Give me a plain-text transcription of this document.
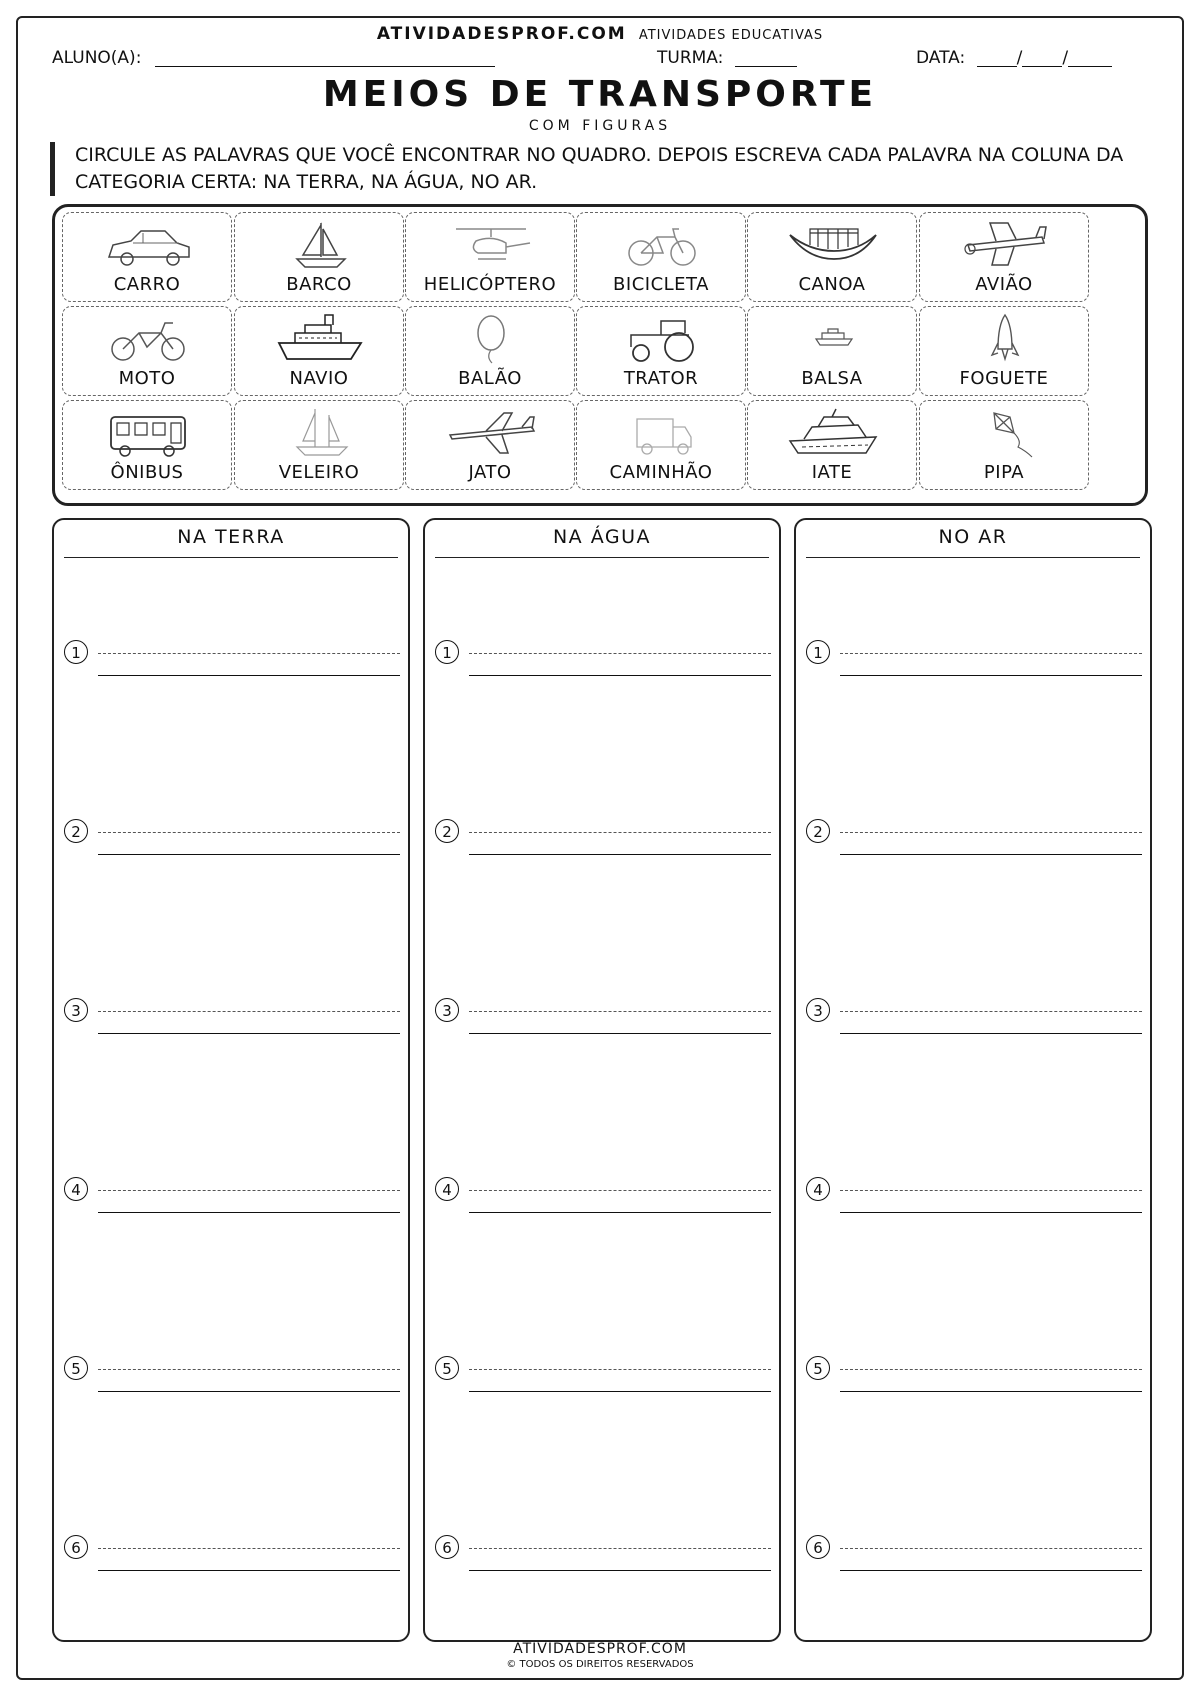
ATIVIDADESPROF.COM ATIVIDADES EDUCATIVAS
ALUNO(A):	TURMA:	DATA:	/ /
MEIOS DE TRANSPORTE
COM FIGURAS
CIRCULE AS PALAVRAS QUE VOCÊ ENCONTRAR NO QUADRO. DEPOIS ESCREVA CADA PALAVRA NA COLUNA DA CATEGORIA CERTA: NA TERRA, NA ÁGUA, NO AR.
CARRO	BARCO	HELICÓPTERO	BICICLETA	CANOA	AVIÃO
MOTO	NAVIO	BALÃO	TRATOR	BALSA	FOGUETE
ÔNIBUS	VELEIRO	JATO	CAMINHÃO	IATE	PIPA
NA TERRA
1
2
3
4
5
6
NA ÁGUA
1
2
3
4
5
6
NO AR
1
2
3
4
5
6
ATIVIDADESPROF.COM
© TODOS OS DIREITOS RESERVADOS
